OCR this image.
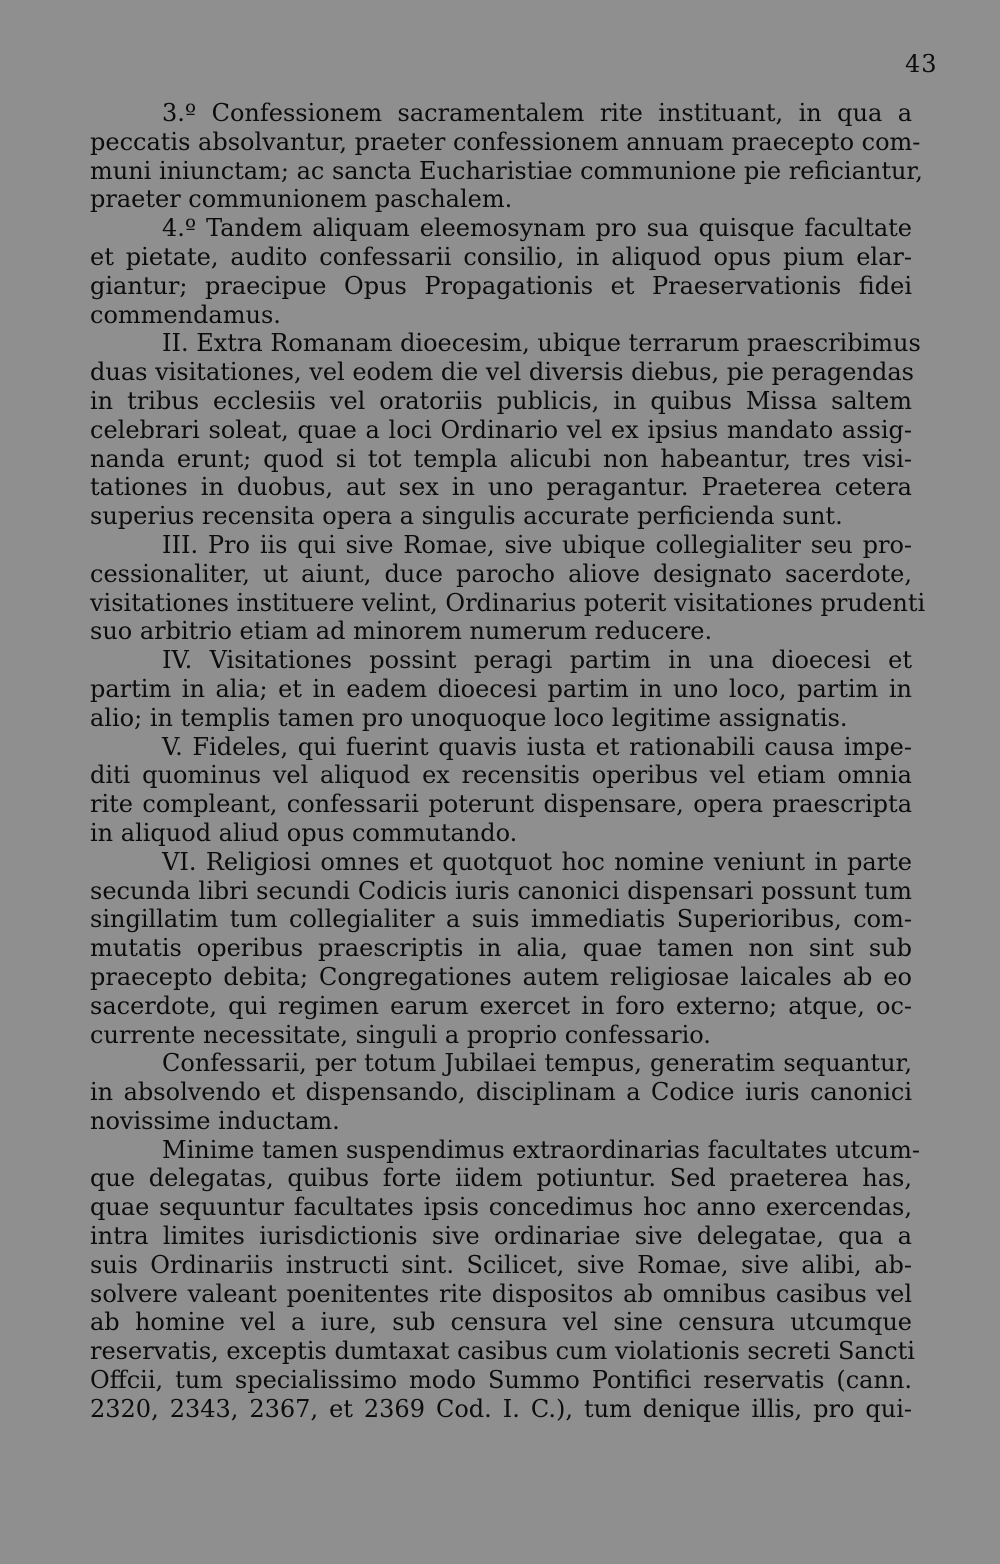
43
3.º Confessionem sacramentalem rite instituant, in qua a
peccatis absolvantur, praeter confessionem annuam praecepto com-
muni iniunctam; ac sancta Eucharistiae communione pie reficiantur,
praeter communionem paschalem.
4.º Tandem aliquam eleemosynam pro sua quisque facultate
et pietate, audito confessarii consilio, in aliquod opus pium elar-
giantur; praecipue Opus Propagationis et Praeservationis fidei
commendamus.
II. Extra Romanam dioecesim, ubique terrarum praescribimus
duas visitationes, vel eodem die vel diversis diebus, pie peragendas
in tribus ecclesiis vel oratoriis publicis, in quibus Missa saltem
celebrari soleat, quae a loci Ordinario vel ex ipsius mandato assig-
nanda erunt; quod si tot templa alicubi non habeantur, tres visi-
tationes in duobus, aut sex in uno peragantur. Praeterea cetera
superius recensita opera a singulis accurate perficienda sunt.
III. Pro iis qui sive Romae, sive ubique collegialiter seu pro-
cessionaliter, ut aiunt, duce parocho aliove designato sacerdote,
visitationes instituere velint, Ordinarius poterit visitationes prudenti
suo arbitrio etiam ad minorem numerum reducere.
IV. Visitationes possint peragi partim in una dioecesi et
partim in alia; et in eadem dioecesi partim in uno loco, partim in
alio; in templis tamen pro unoquoque loco legitime assignatis.
V. Fideles, qui fuerint quavis iusta et rationabili causa impe-
diti quominus vel aliquod ex recensitis operibus vel etiam omnia
rite compleant, confessarii poterunt dispensare, opera praescripta
in aliquod aliud opus commutando.
VI. Religiosi omnes et quotquot hoc nomine veniunt in parte
secunda libri secundi Codicis iuris canonici dispensari possunt tum
singillatim tum collegialiter a suis immediatis Superioribus, com-
mutatis operibus praescriptis in alia, quae tamen non sint sub
praecepto debita; Congregationes autem religiosae laicales ab eo
sacerdote, qui regimen earum exercet in foro externo; atque, oc-
currente necessitate, singuli a proprio confessario.
Confessarii, per totum Jubilaei tempus, generatim sequantur,
in absolvendo et dispensando, disciplinam a Codice iuris canonici
novissime inductam.
Minime tamen suspendimus extraordinarias facultates utcum-
que delegatas, quibus forte iidem potiuntur. Sed praeterea has,
quae sequuntur facultates ipsis concedimus hoc anno exercendas,
intra limites iurisdictionis sive ordinariae sive delegatae, qua a
suis Ordinariis instructi sint. Scilicet, sive Romae, sive alibi, ab-
solvere valeant poenitentes rite dispositos ab omnibus casibus vel
ab homine vel a iure, sub censura vel sine censura utcumque
reservatis, exceptis dumtaxat casibus cum violationis secreti Sancti
Offcii, tum specialissimo modo Summo Pontifici reservatis (cann.
2320, 2343, 2367, et 2369 Cod. I. C.), tum denique illis, pro qui-
